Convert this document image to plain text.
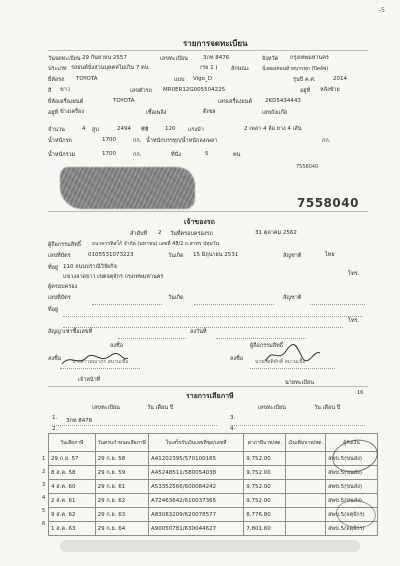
-5
รายการจดทะเบียน
วันจดทะเบียน 29 กันยายน 2557	เลขทะเบียน	3กท 8476	จังหวัด กรุงเทพมหานคร
ประเภท รถยนต์นั่งส่วนบุคคลไม่เกิน 7 คน	(รย 1 ) ลักษณะ	นั่งสองตอนท้ายบรรทุก (ปิคอัพ)
ยี่ห้อรถ TOYOTA	แบบ Vigo_D	รุ่นปี ค.ศ.	2014
สี ขาว	เลขตัวรถ MR0ER12G005504225	อยู่ที่ หลังซ้าย
ยี่ห้อเครื่องยนต์	TOYOTA	เลขเครื่องยนต์ 2KD5434443
อยู่ที่ ข้างเครื่อง	เชื้อเพลิง	ดีเซล	เลขถังแก๊ส
จำนวน	4 สูบ	2494 ซีซี	120 แรงม้า	2 เพลา 4 ล้อ ยาง 4 เส้น
น้ำหนักรถ	1700	กก. น้ำหนักบรรทุก/น้ำหนักลงเพลา	กก.
น้ำหนักรวม	1700	กก.	ที่นั่ง	5	คน
7558040
7558040
เจ้าของรถ
ลำดับที่ 2 วันที่ครอบครองรถ	31 ตุลาคม 2562
ผู้ถือกรรมสิทธิ์ ธนาคารทิสโก้ จำกัด (มหาชน) เลขที่ 48/2 ถ.สาทร ปทุมวัน
เลขที่บัตร	0105531073223	วันเกิด 15 มิถุนายน 2531	สัญชาติ	ไทย
ที่อยู่ 110 ถนนปราณีวิจัยกิจ
แขวงลาดยาว เขตจตุจักร กรุงเทพมหานคร	โทร.
ผู้ครอบครอง
เลขที่บัตร	วันเกิด	สัญชาติ
ที่อยู่
โทร.
สัญญาเช่าซื้อเลขที่	ลงวันที่
ลงชื่อ	ผู้ถือกรรมสิทธิ์
ลงชื่อ นางสาวพณาภร สมานเชื้อ
เจ้าหน้าที่
ลงชื่อ นายกิตติศักดิ์ สมานเชื้อ
นายทะเบียน
16
รายการเสียภาษี
เลขทะเบียน	วัน เดือน ปี	เลขทะเบียน	วัน เดือน ปี
1. 3กท 8476
2.
3.
4.
วันเสียภาษี	วันครบกำหนดเสียภาษี	ใบเสร็จรับเงินเลขที่ชุด/เลขที่	ค่าภาษีบาท/สต.	เงินเพิ่มบาท/สต.	ผู้รับเงิน
29 ก.ย. 57	29 ก.ย. 58	A41202395/570100165	9,752.00		สพข.5(ขนส่ง)
8 ส.ค. 58	29 ก.ย. 59	A45248511/580054038	9,752.00		สพข.5(ขนส่ง)
4 ส.ค. 60	29 ก.ย. 61	A53352566/600084242	9,752.00		สพข.5(ขนส่ง)
2 ส.ค. 61	29 ก.ย. 62	A72463642/610037365	9,752.00		สพข.5(ขนส่ง)
9 ส.ค. 62	29 ก.ย. 63	A83083209/620078577	8,776.80		สพข.5(จตุจักร)
1 ส.ค. 63	29 ก.ย. 64	A90050781/630044627	7,801.60		สพข.5(จตุจักร)
1
2
3
4
5
6
